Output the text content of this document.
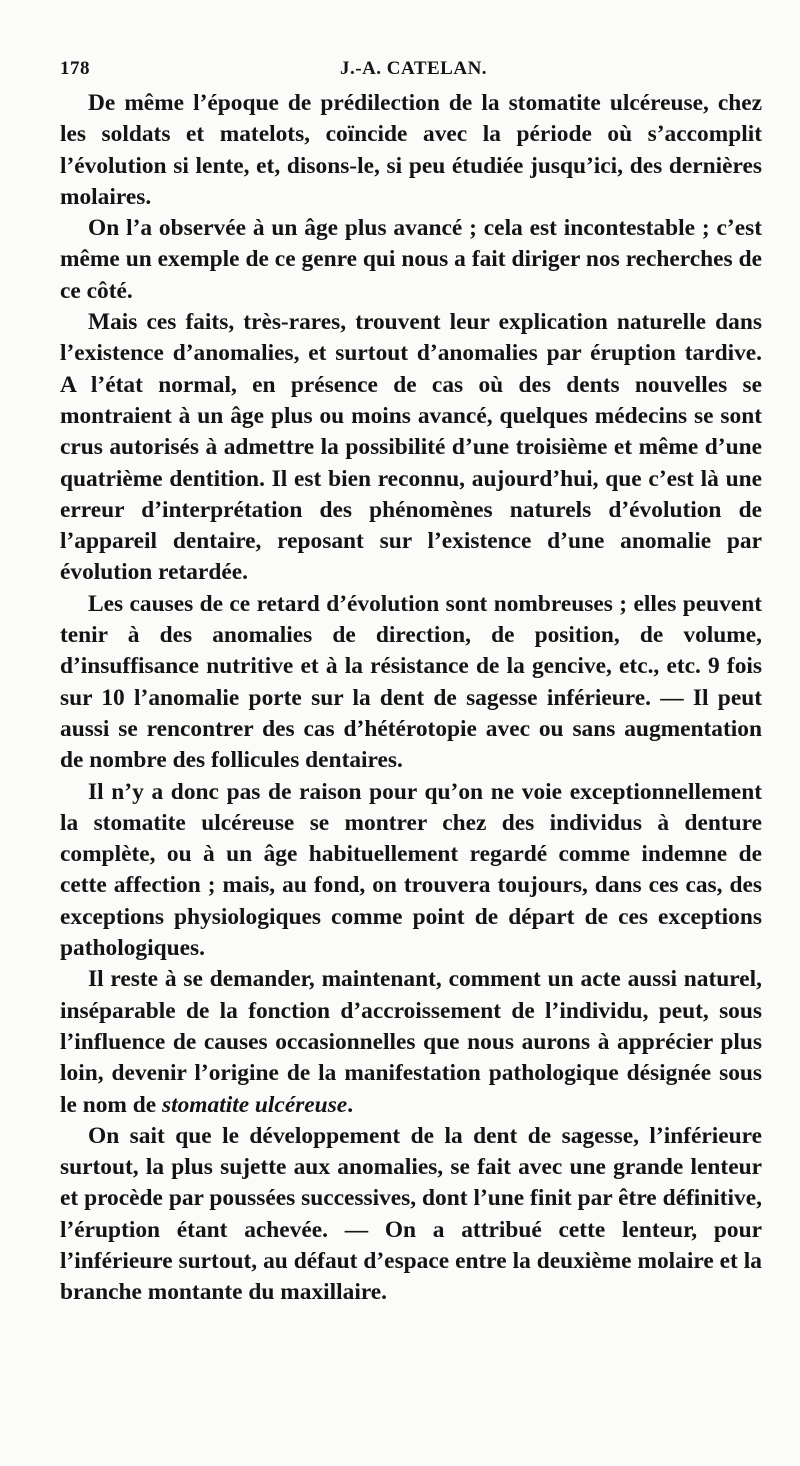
178	J.-A. CATELAN.

De même l’époque de prédilection de la stomatite ulcéreuse, chez les soldats et matelots, coïncide avec la période où s’accomplit l’évolution si lente, et, disons-le, si peu étudiée jusqu’ici, des dernières molaires.

On l’a observée à un âge plus avancé ; cela est incontestable ; c’est même un exemple de ce genre qui nous a fait diriger nos recherches de ce côté.

Mais ces faits, très-rares, trouvent leur explication naturelle dans l’existence d’anomalies, et surtout d’anomalies par éruption tardive. A l’état normal, en présence de cas où des dents nouvelles se montraient à un âge plus ou moins avancé, quelques médecins se sont crus autorisés à admettre la possibilité d’une troisième et même d’une quatrième dentition. Il est bien reconnu, aujourd’hui, que c’est là une erreur d’interprétation des phénomènes naturels d’évolution de l’appareil dentaire, reposant sur l’existence d’une anomalie par évolution retardée.

Les causes de ce retard d’évolution sont nombreuses ; elles peuvent tenir à des anomalies de direction, de position, de volume, d’insuffisance nutritive et à la résistance de la gencive, etc., etc. 9 fois sur 10 l’anomalie porte sur la dent de sagesse inférieure. — Il peut aussi se rencontrer des cas d’hétérotopie avec ou sans augmentation de nombre des follicules dentaires.

Il n’y a donc pas de raison pour qu’on ne voie exceptionnellement la stomatite ulcéreuse se montrer chez des individus à denture complète, ou à un âge habituellement regardé comme indemne de cette affection ; mais, au fond, on trouvera toujours, dans ces cas, des exceptions physiologiques comme point de départ de ces exceptions pathologiques.

Il reste à se demander, maintenant, comment un acte aussi naturel, inséparable de la fonction d’accroissement de l’individu, peut, sous l’influence de causes occasionnelles que nous aurons à apprécier plus loin, devenir l’origine de la manifestation pathologique désignée sous le nom de stomatite ulcéreuse.

On sait que le développement de la dent de sagesse, l’inférieure surtout, la plus sujette aux anomalies, se fait avec une grande lenteur et procède par poussées successives, dont l’une finit par être définitive, l’éruption étant achevée. — On a attribué cette lenteur, pour l’inférieure surtout, au défaut d’espace entre la deuxième molaire et la branche montante du maxillaire.
